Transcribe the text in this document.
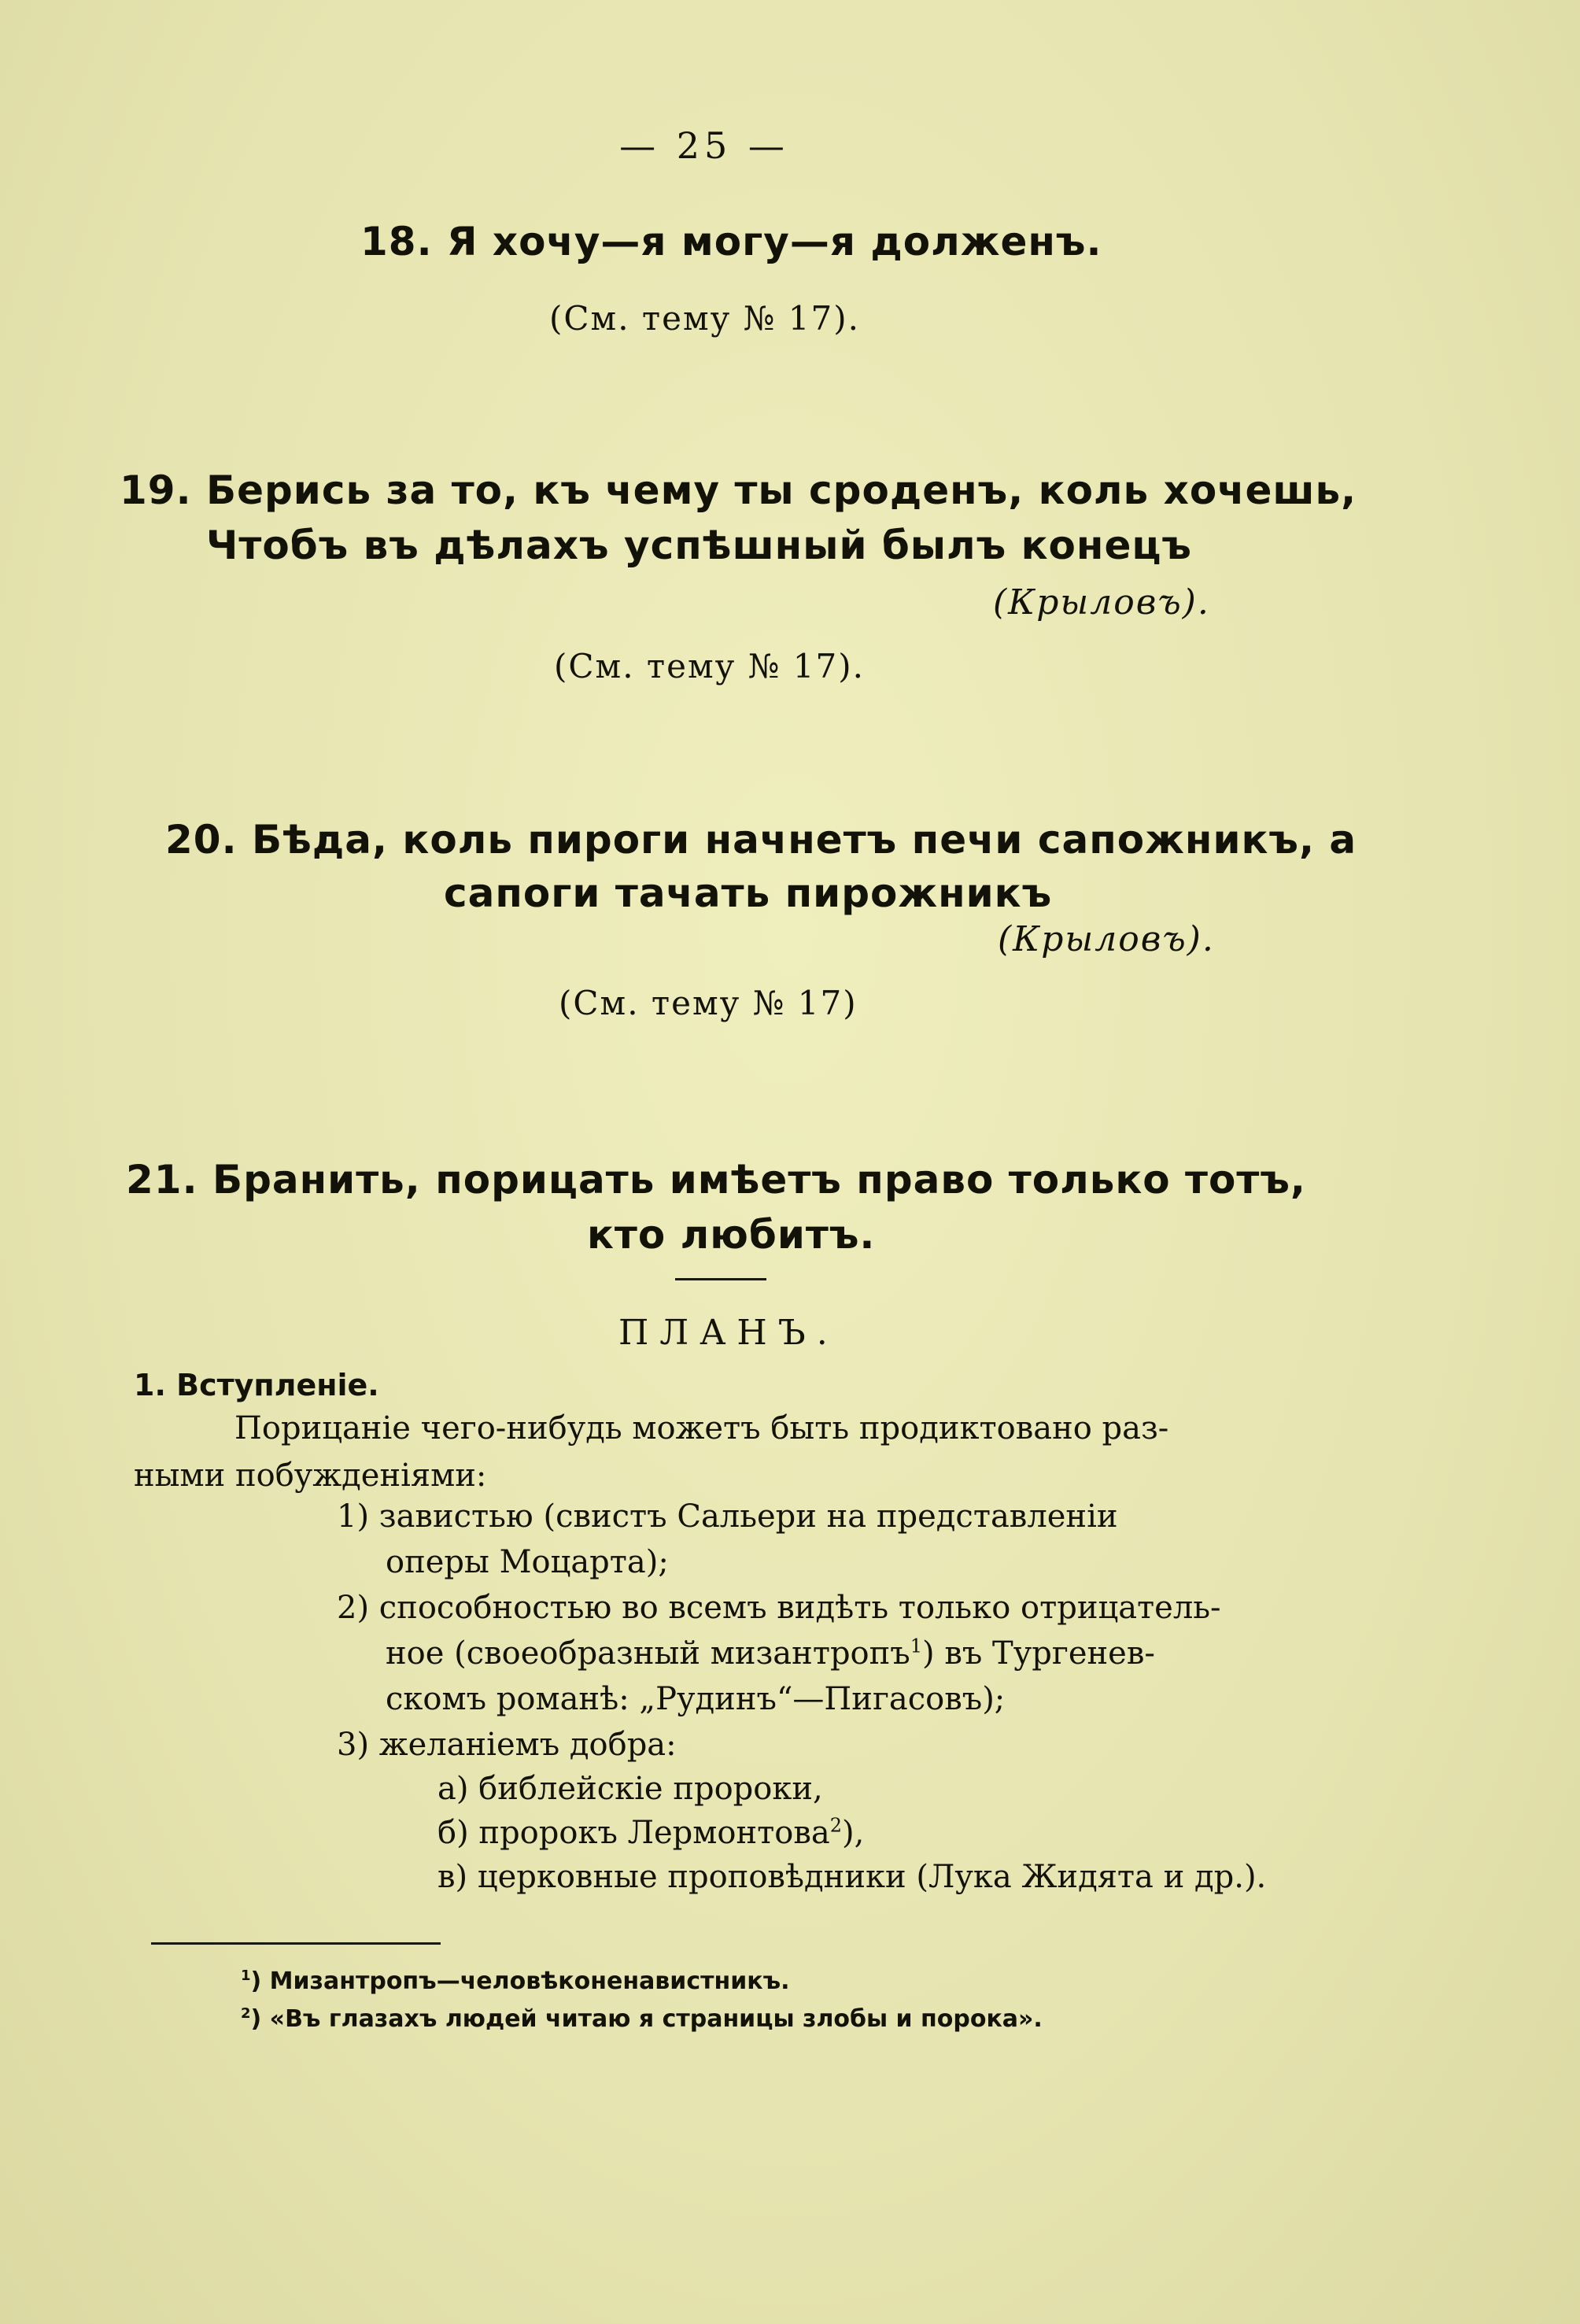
— 25 —
18. Я хочу—я могу—я долженъ.
(См. тему № 17).
19. Берись за то, къ чему ты сроденъ, коль хочешь,
Чтобъ въ дѣлахъ успѣшный былъ конецъ
(Крыловъ).
(См. тему № 17).
20. Бѣда, коль пироги начнетъ печи сапожникъ, а
сапоги тачать пирожникъ
(Крыловъ).
(См. тему № 17)
21. Бранить, порицать имѣетъ право только тотъ,
кто любитъ.
ПЛАНЪ.
1. Вступленіе.
Порицаніе чего-нибудь можетъ быть продиктовано раз-
ными побужденіями:
1) завистью (свистъ Сальери на представленіи
оперы Моцарта);
2) способностью во всемъ видѣть только отрицатель-
ное (своеобразный мизантропъ$^1$) въ Тургенев-
скомъ романѣ: „Рудинъ“—Пигасовъ);
3) желаніемъ добра:
а) библейскіе пророки,
б) пророкъ Лермонтова$^2$),
в) церковные проповѣдники (Лука Жидята и др.).
$^1$) Мизантропъ—человѣконенавистникъ.
$^2$) «Въ глазахъ людей читаю я страницы злобы и порока».
